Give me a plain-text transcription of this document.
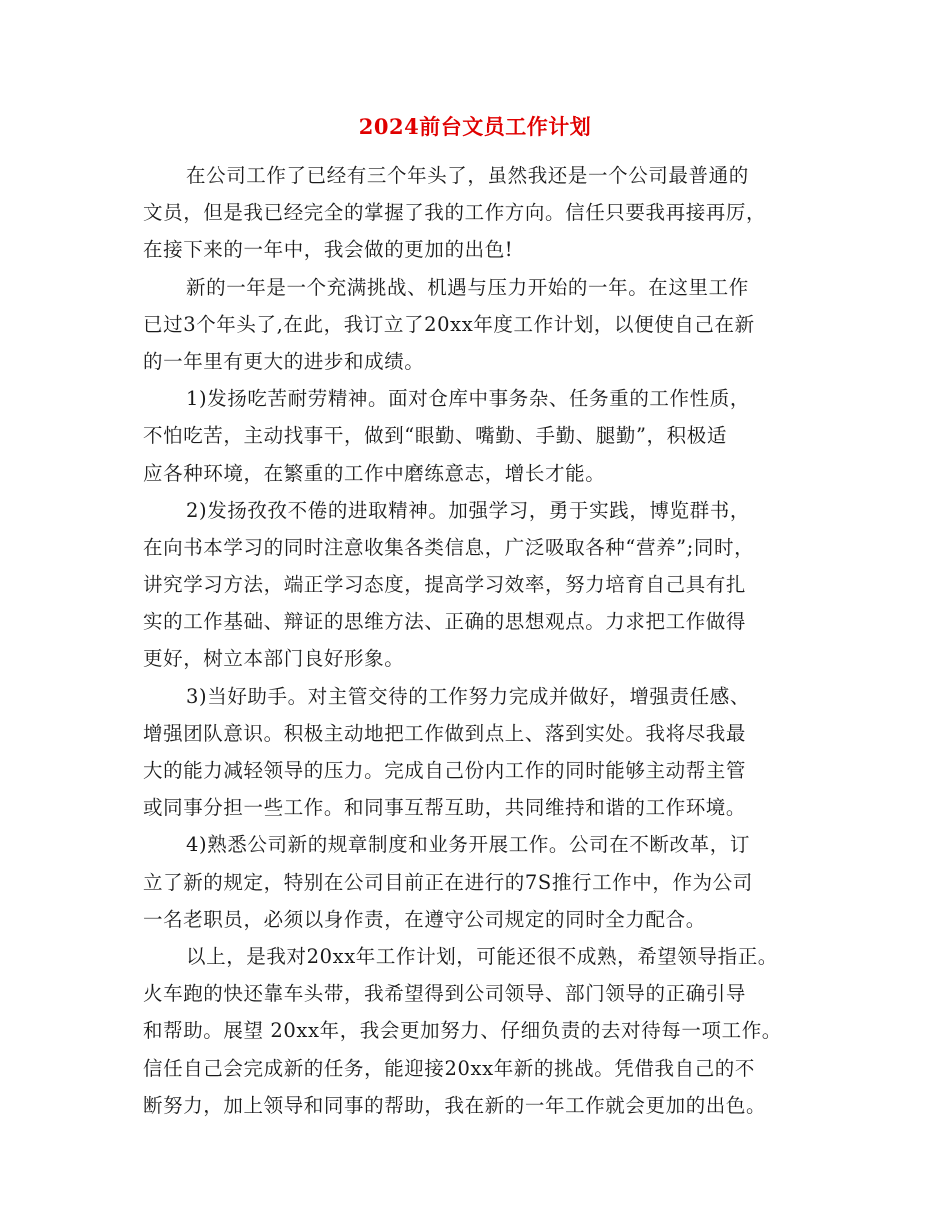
2024前台文员工作计划
在公司工作了已经有三个年头了，虽然我还是一个公司最普通的
文员，但是我已经完全的掌握了我的工作方向。信任只要我再接再厉，
在接下来的一年中，我会做的更加的出色!
新的一年是一个充满挑战、机遇与压力开始的一年。在这里工作
已过3个年头了,在此，我订立了20xx年度工作计划，以便使自己在新
的一年里有更大的进步和成绩。
1)发扬吃苦耐劳精神。面对仓库中事务杂、任务重的工作性质，
不怕吃苦，主动找事干，做到“眼勤、嘴勤、手勤、腿勤”，积极适
应各种环境，在繁重的工作中磨练意志，增长才能。
2)发扬孜孜不倦的进取精神。加强学习，勇于实践，博览群书，
在向书本学习的同时注意收集各类信息，广泛吸取各种“营养”;同时，
讲究学习方法，端正学习态度，提高学习效率，努力培育自己具有扎
实的工作基础、辩证的思维方法、正确的思想观点。力求把工作做得
更好，树立本部门良好形象。
3)当好助手。对主管交待的工作努力完成并做好，增强责任感、
增强团队意识。积极主动地把工作做到点上、落到实处。我将尽我最
大的能力减轻领导的压力。完成自己份内工作的同时能够主动帮主管
或同事分担一些工作。和同事互帮互助，共同维持和谐的工作环境。
4)熟悉公司新的规章制度和业务开展工作。公司在不断改革，订
立了新的规定，特别在公司目前正在进行的7S推行工作中，作为公司
一名老职员，必须以身作责，在遵守公司规定的同时全力配合。
以上，是我对20xx年工作计划，可能还很不成熟，希望领导指正。
火车跑的快还靠车头带，我希望得到公司领导、部门领导的正确引导
和帮助。展望 20xx年，我会更加努力、仔细负责的去对待每一项工作。
信任自己会完成新的任务，能迎接20xx年新的挑战。凭借我自己的不
断努力，加上领导和同事的帮助，我在新的一年工作就会更加的出色。
